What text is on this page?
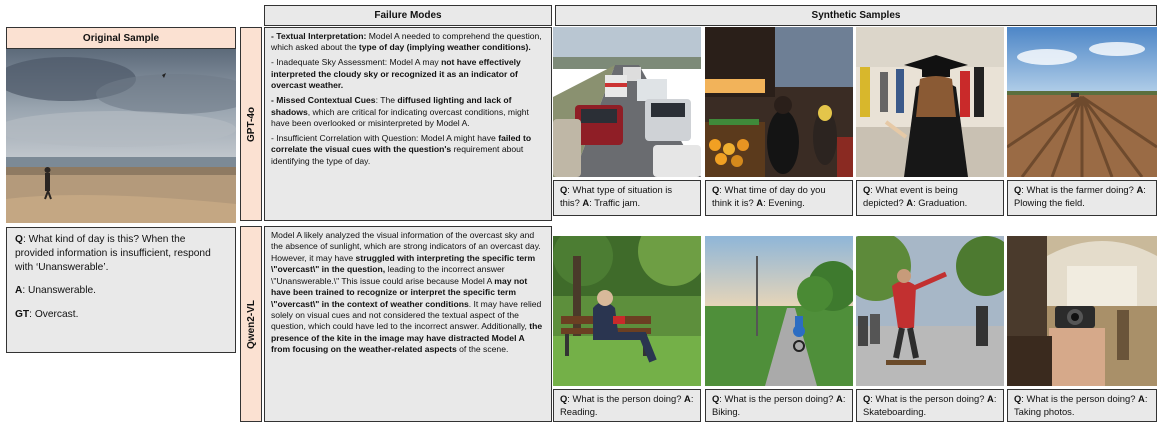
Failure Modes	Synthetic Samples
Original Sample
Q: What kind of day is this? When the provided information is insufficient, respond with ‘Unanswerable’.
A: Unanswerable.
GT: Overcast.
GPT-4o
Qwen2-VL

- Textual Interpretation: Model A needed to comprehend the question, which asked about the type of day (implying weather conditions).

- Inadequate Sky Assessment: Model A may not have effectively interpreted the cloudy sky or recognized it as an indicator of overcast weather.

- Missed Contextual Cues: The diffused lighting and lack of shadows, which are critical for indicating overcast conditions, might have been overlooked or misinterpreted by Model A.

- Insufficient Correlation with Question: Model A might have failed to correlate the visual cues with the question's requirement about identifying the type of day.

Model A likely analyzed the visual information of the overcast sky and the absence of sunlight, which are strong indicators of an overcast day. However, it may have struggled with interpreting the specific term \"overcast\" in the question, leading to the incorrect answer \"Unanswerable.\" This issue could arise because Model A may not have been trained to recognize or interpret the specific term \"overcast\" in the context of weather conditions. It may have relied solely on visual cues and not considered the textual aspect of the question, which could have led to the incorrect answer. Additionally, the presence of the kite in the image may have distracted Model A from focusing on the weather-related aspects of the scene.

Q: What type of situation is this? A: Traffic jam.
Q: What time of day do you think it is? A: Evening.
Q: What event is being depicted? A: Graduation.
Q: What is the farmer doing? A: Plowing the field.
Q: What is the person doing? A: Reading.
Q: What is the person doing? A: Biking.
Q: What is the person doing? A: Skateboarding.
Q: What is the person doing? A: Taking photos.
